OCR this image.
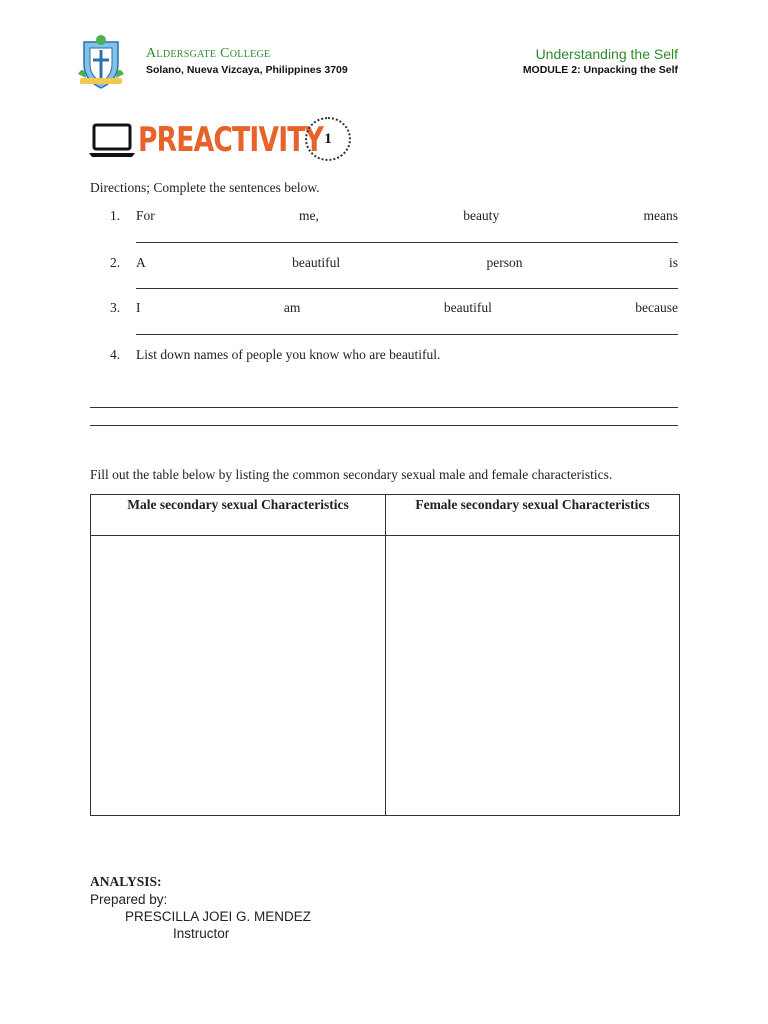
Aldersgate College
Solano, Nueva Vizcaya, Philippines 3709
Understanding the Self
MODULE 2: Unpacking the Self
PREACTIVITY 1
Directions; Complete the sentences below.
1.	For	me,	beauty	means
2.	A	beautiful	person	is
3.	I	am	beautiful	because
4.	List down names of people you know who are beautiful.
Fill out the table below by listing the common secondary sexual male and female characteristics.
Male secondary sexual Characteristics	Female secondary sexual Characteristics
ANALYSIS:
Prepared by:
PRESCILLA JOEI G. MENDEZ
Instructor
